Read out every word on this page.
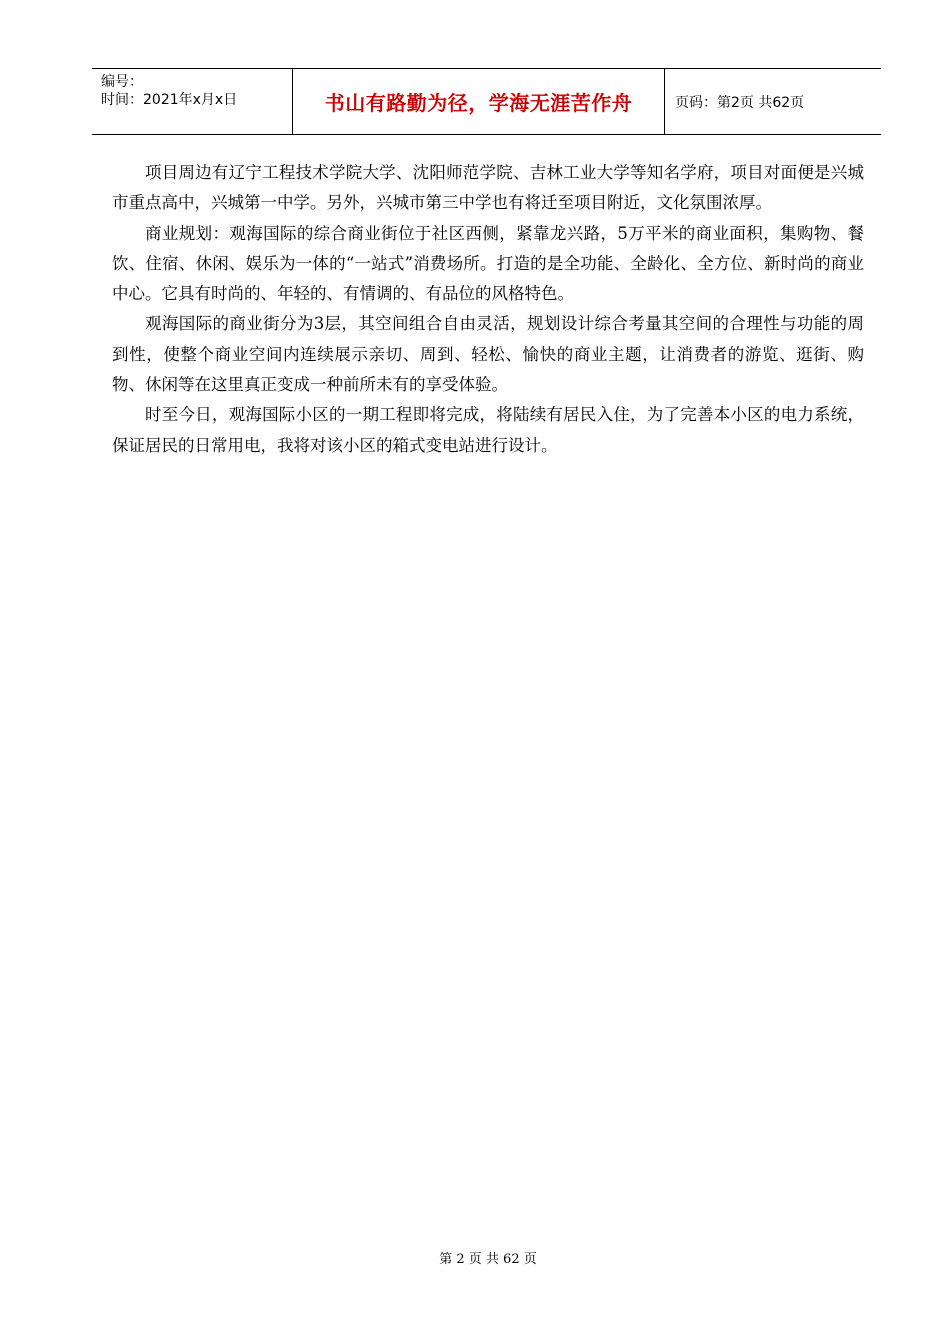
编号：
时间：2021年x月x日	书山有路勤为径，学海无涯苦作舟	页码：第2页 共62页

项目周边有辽宁工程技术学院大学、沈阳师范学院、吉林工业大学等知名学府，项目对面便是兴城市重点高中，兴城第一中学。另外，兴城市第三中学也有将迁至项目附近，文化氛围浓厚。

商业规划：观海国际的综合商业街位于社区西侧，紧靠龙兴路，5万平米的商业面积，集购物、餐饮、住宿、休闲、娱乐为一体的“一站式”消费场所。打造的是全功能、全龄化、全方位、新时尚的商业中心。它具有时尚的、年轻的、有情调的、有品位的风格特色。

观海国际的商业街分为3层，其空间组合自由灵活，规划设计综合考量其空间的合理性与功能的周到性，使整个商业空间内连续展示亲切、周到、轻松、愉快的商业主题，让消费者的游览、逛街、购物、休闲等在这里真正变成一种前所未有的享受体验。

时至今日，观海国际小区的一期工程即将完成，将陆续有居民入住，为了完善本小区的电力系统，保证居民的日常用电，我将对该小区的箱式变电站进行设计。

第 2 页 共 62 页
